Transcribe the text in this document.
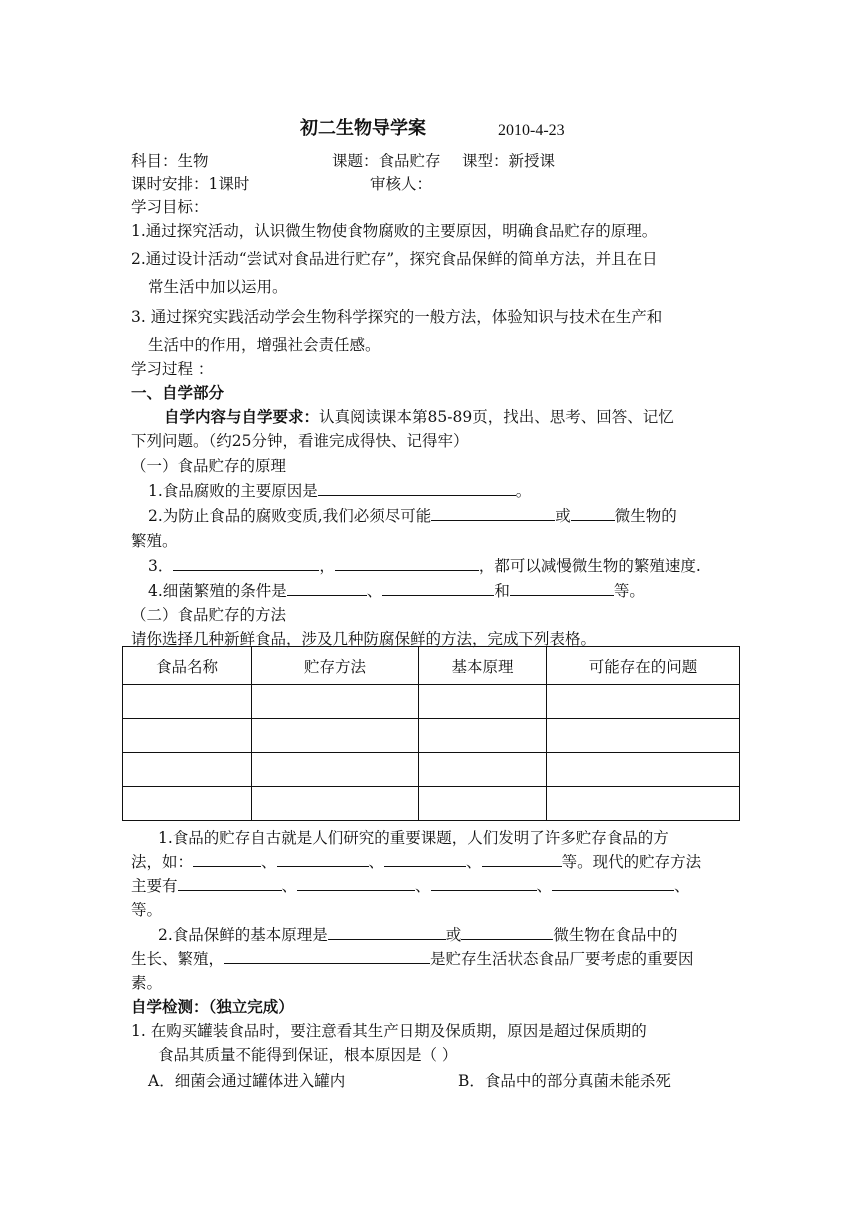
初二生物导学案	2010-4-23
科目：生物	课题：食品贮存 课型：新授课
课时安排：1课时	审核人：
学习目标：
1.通过探究活动，认识微生物使食物腐败的主要原因，明确食品贮存的原理。
2.通过设计活动“尝试对食品进行贮存”，探究食品保鲜的简单方法，并且在日
常生活中加以运用。
3. 通过探究实践活动学会生物科学探究的一般方法，体验知识与技术在生产和
生活中的作用，增强社会责任感。
学习过程 ：
一、自学部分
自学内容与自学要求：认真阅读课本第85-89页，找出、思考、回答、记忆
下列问题。（约25分钟，看谁完成得快、记得牢）
（一）食品贮存的原理
1.食品腐败的主要原因是	。
2.为防止食品的腐败变质,我们必须尽可能	或	微生物的
繁殖。
3．	，	，都可以减慢微生物的繁殖速度.
4.细菌繁殖的条件是	、	和	等。
（二）食品贮存的方法
请你选择几种新鲜食品，涉及几种防腐保鲜的方法，完成下列表格。
食品名称	贮存方法	基本原理	可能存在的问题

1.食品的贮存自古就是人们研究的重要课题，人们发明了许多贮存食品的方
法，如：	、	、	、	等。现代的贮存方法
主要有	、	、	、	、
等。
2.食品保鲜的基本原理是	或	微生物在食品中的
生长、繁殖，	是贮存生活状态食品厂要考虑的重要因
素。
自学检测：（独立完成）
1. 在购买罐装食品时，要注意看其生产日期及保质期，原因是超过保质期的
食品其质量不能得到保证，根本原因是（ ）
A．细菌会通过罐体进入罐内	B．食品中的部分真菌未能杀死
